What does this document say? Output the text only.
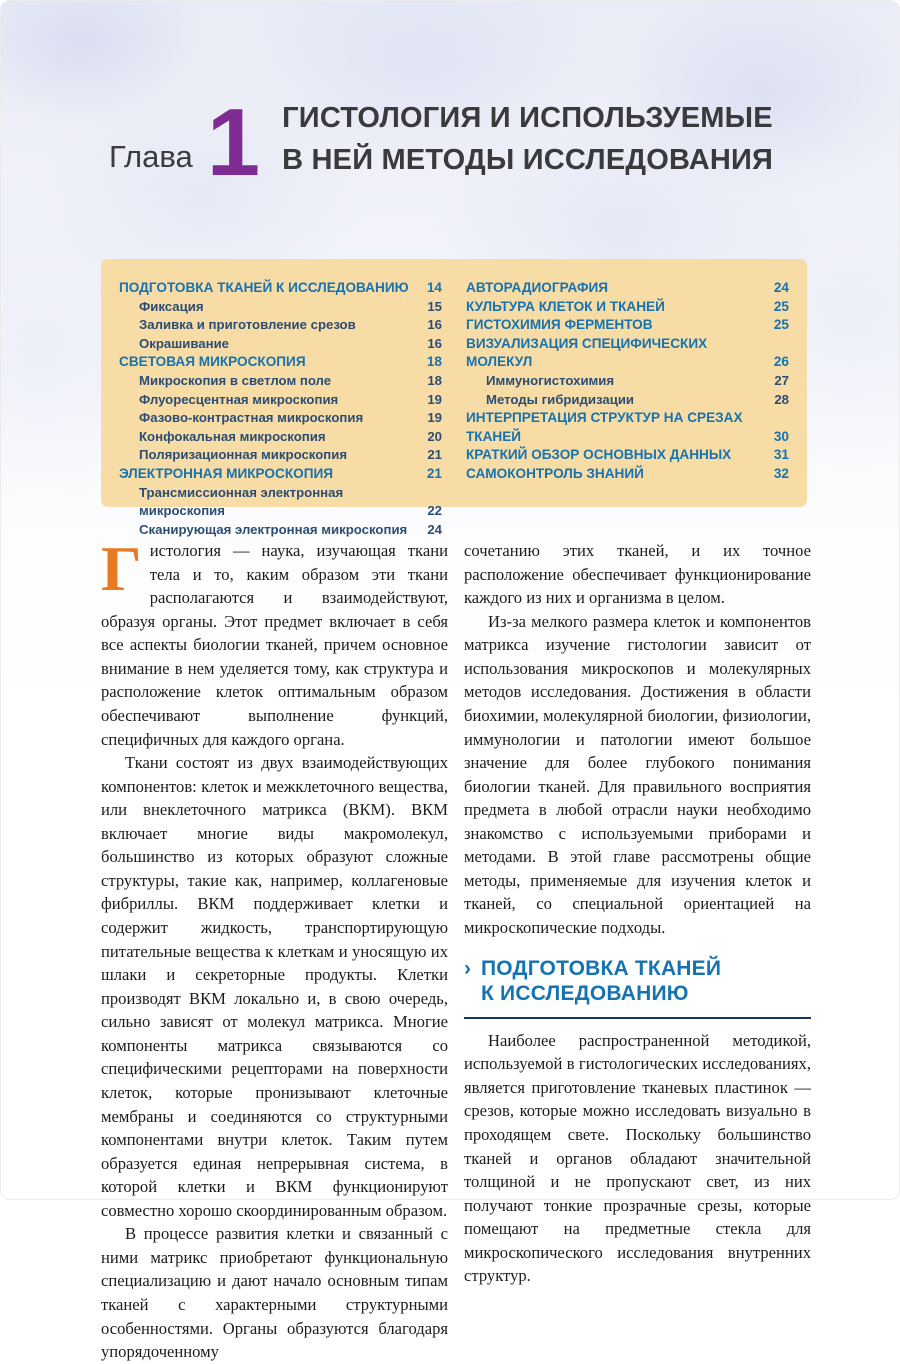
Глава 1 ГИСТОЛОГИЯ И ИСПОЛЬЗУЕМЫЕ
В НЕЙ МЕТОДЫ ИССЛЕДОВАНИЯ
ПОДГОТОВКА ТКАНЕЙ К ИССЛЕДОВАНИЮ	14
Фиксация	15
Заливка и приготовление срезов	16
Окрашивание	16
СВЕТОВАЯ МИКРОСКОПИЯ	18
Микроскопия в светлом поле	18
Флуоресцентная микроскопия	19
Фазово-контрастная микроскопия	19
Конфокальная микроскопия	20
Поляризационная микроскопия	21
ЭЛЕКТРОННАЯ МИКРОСКОПИЯ	21
Трансмиссионная электронная микроскопия	22
Сканирующая электронная микроскопия	24
АВТОРАДИОГРАФИЯ	24
КУЛЬТУРА КЛЕТОК И ТКАНЕЙ	25
ГИСТОХИМИЯ ФЕРМЕНТОВ	25
ВИЗУАЛИЗАЦИЯ СПЕЦИФИЧЕСКИХ МОЛЕКУЛ	26
Иммуногистохимия	27
Методы гибридизации	28
ИНТЕРПРЕТАЦИЯ СТРУКТУР НА СРЕЗАХ ТКАНЕЙ	30
КРАТКИЙ ОБЗОР ОСНОВНЫХ ДАННЫХ	31
САМОКОНТРОЛЬ ЗНАНИЙ	32

Гистология — наука, изучающая ткани тела и то, каким образом эти ткани располагаются и взаимодействуют, образуя органы. Этот предмет включает в себя все аспекты биологии тканей, причем основное внимание в нем уделяется тому, как структура и расположение клеток оптимальным образом обеспечивают выполнение функций, специфичных для каждого органа.

Ткани состоят из двух взаимодействующих компонентов: клеток и межклеточного вещества, или внеклеточного матрикса (ВКМ). ВКМ включает многие виды макромолекул, большинство из которых образуют сложные структуры, такие как, например, коллагеновые фибриллы. ВКМ поддерживает клетки и содержит жидкость, транспортирующую питательные вещества к клеткам и уносящую их шлаки и секреторные продукты. Клетки производят ВКМ локально и, в свою очередь, сильно зависят от молекул матрикса. Многие компоненты матрикса связываются со специфическими рецепторами на поверхности клеток, которые пронизывают клеточные мембраны и соединяются со структурными компонентами внутри клеток. Таким путем образуется единая непрерывная система, в которой клетки и ВКМ функционируют совместно хорошо скоординированным образом.

В процессе развития клетки и связанный с ними матрикс приобретают функциональную специализацию и дают начало основным типам тканей с характерными структурными особенностями. Органы образуются благодаря упорядоченному

сочетанию этих тканей, и их точное расположение обеспечивает функционирование каждого из них и организма в целом.

Из-за мелкого размера клеток и компонентов матрикса изучение гистологии зависит от использования микроскопов и молекулярных методов исследования. Достижения в области биохимии, молекулярной биологии, физиологии, иммунологии и патологии имеют большое значение для более глубокого понимания биологии тканей. Для правильного восприятия предмета в любой отрасли науки необходимо знакомство с используемыми приборами и методами. В этой главе рассмотрены общие методы, применяемые для изучения клеток и тканей, со специальной ориентацией на микроскопические подходы.

› ПОДГОТОВКА ТКАНЕЙ
К ИССЛЕДОВАНИЮ

Наиболее распространенной методикой, используемой в гистологических исследованиях, является приготовление тканевых пластинок — срезов, которые можно исследовать визуально в проходящем свете. Поскольку большинство тканей и органов обладают значительной толщиной и не пропускают свет, из них получают тонкие прозрачные срезы, которые помещают на предметные стекла для микроскопического исследования внутренних структур.
